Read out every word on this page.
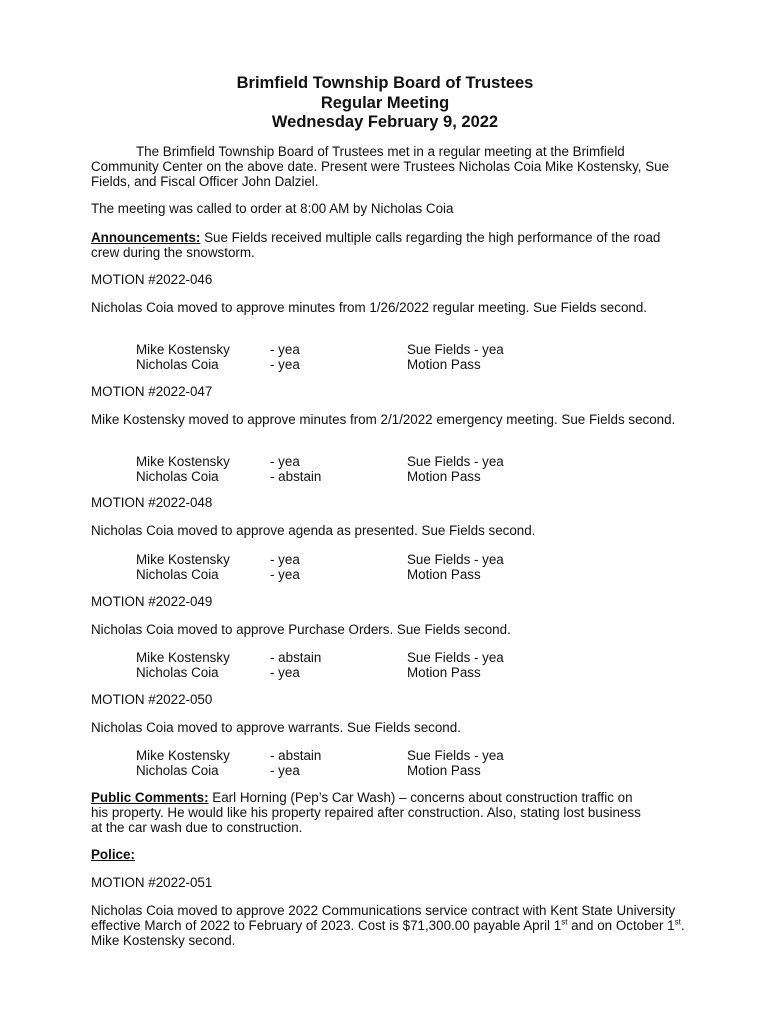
Brimfield Township Board of Trustees
Regular Meeting
Wednesday February 9, 2022
The Brimfield Township Board of Trustees met in a regular meeting at the Brimfield Community Center on the above date. Present were Trustees Nicholas Coia Mike Kostensky, Sue Fields, and Fiscal Officer John Dalziel.
The meeting was called to order at 8:00 AM by Nicholas Coia
Announcements: Sue Fields received multiple calls regarding the high performance of the road crew during the snowstorm.
MOTION #2022-046
Nicholas Coia moved to approve minutes from 1/26/2022 regular meeting. Sue Fields second.
Mike Kostensky	- yea	Sue Fields - yea
Nicholas Coia	- yea	Motion Pass
MOTION #2022-047
Mike Kostensky moved to approve minutes from 2/1/2022 emergency meeting. Sue Fields second.
Mike Kostensky	- yea	Sue Fields - yea
Nicholas Coia	- abstain	Motion Pass
MOTION #2022-048
Nicholas Coia moved to approve agenda as presented. Sue Fields second.
Mike Kostensky	- yea	Sue Fields - yea
Nicholas Coia	- yea	Motion Pass
MOTION #2022-049
Nicholas Coia moved to approve Purchase Orders. Sue Fields second.
Mike Kostensky	- abstain	Sue Fields - yea
Nicholas Coia	- yea	Motion Pass
MOTION #2022-050
Nicholas Coia moved to approve warrants. Sue Fields second.
Mike Kostensky	- abstain	Sue Fields - yea
Nicholas Coia	- yea	Motion Pass
Public Comments: Earl Horning (Pep’s Car Wash) – concerns about construction traffic on his property. He would like his property repaired after construction. Also, stating lost business at the car wash due to construction.
Police:
MOTION #2022-051
Nicholas Coia moved to approve 2022 Communications service contract with Kent State University effective March of 2022 to February of 2023. Cost is $71,300.00 payable April 1st and on October 1st. Mike Kostensky second.
